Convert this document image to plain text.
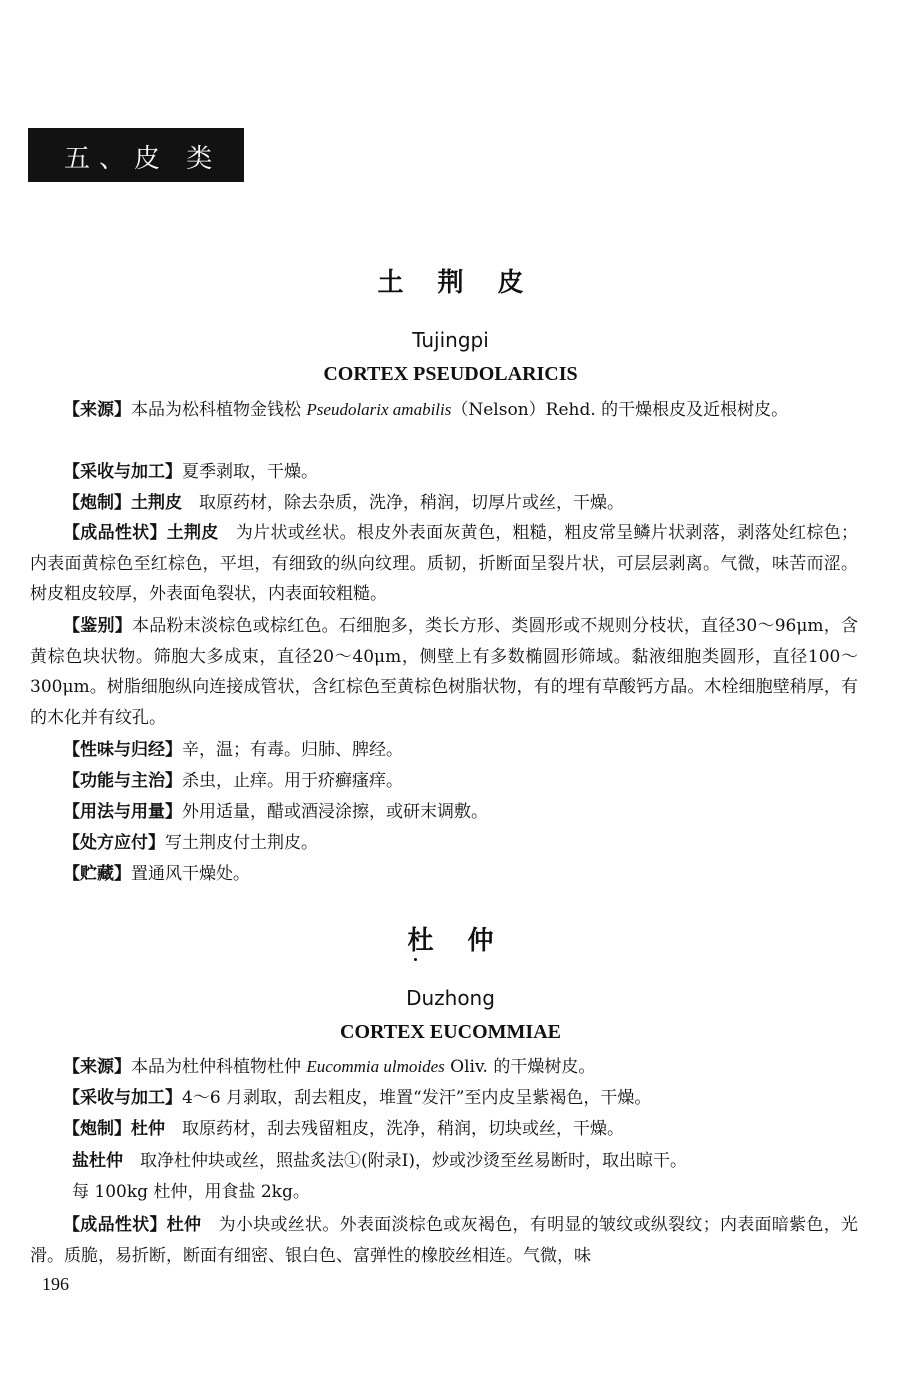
五、皮 类
土荆皮
Tujingpi
CORTEX PSEUDOLARICIS

【来源】本品为松科植物金钱松 Pseudolarix amabilis（Nelson）Rehd. 的干燥根皮及近根树皮。

【采收与加工】夏季剥取，干燥。

【炮制】土荆皮　取原药材，除去杂质，洗净，稍润，切厚片或丝，干燥。

【成品性状】土荆皮　为片状或丝状。根皮外表面灰黄色，粗糙，粗皮常呈鳞片状剥落，剥落处红棕色；内表面黄棕色至红棕色，平坦，有细致的纵向纹理。质韧，折断面呈裂片状，可层层剥离。气微，味苦而涩。树皮粗皮较厚，外表面龟裂状，内表面较粗糙。

【鉴别】本品粉末淡棕色或棕红色。石细胞多，类长方形、类圆形或不规则分枝状，直径30～96μm，含黄棕色块状物。筛胞大多成束，直径20～40μm，侧壁上有多数椭圆形筛域。黏液细胞类圆形，直径100～300μm。树脂细胞纵向连接成管状，含红棕色至黄棕色树脂状物，有的埋有草酸钙方晶。木栓细胞壁稍厚，有的木化并有纹孔。

【性味与归经】辛，温；有毒。归肺、脾经。

【功能与主治】杀虫，止痒。用于疥癣瘙痒。

【用法与用量】外用适量，醋或酒浸涂擦，或研末调敷。

【处方应付】写土荆皮付土荆皮。

【贮藏】置通风干燥处。

杜仲
Duzhong
CORTEX EUCOMMIAE

【来源】本品为杜仲科植物杜仲 Eucommia ulmoides Oliv. 的干燥树皮。

【采收与加工】4～6 月剥取，刮去粗皮，堆置“发汗”至内皮呈紫褐色，干燥。

【炮制】杜仲　取原药材，刮去残留粗皮，洗净，稍润，切块或丝，干燥。

盐杜仲　取净杜仲块或丝，照盐炙法①(附录Ⅰ)，炒或沙烫至丝易断时，取出晾干。

每 100kg 杜仲，用食盐 2kg。

【成品性状】杜仲　为小块或丝状。外表面淡棕色或灰褐色，有明显的皱纹或纵裂纹；内表面暗紫色，光滑。质脆，易折断，断面有细密、银白色、富弹性的橡胶丝相连。气微，味

196
